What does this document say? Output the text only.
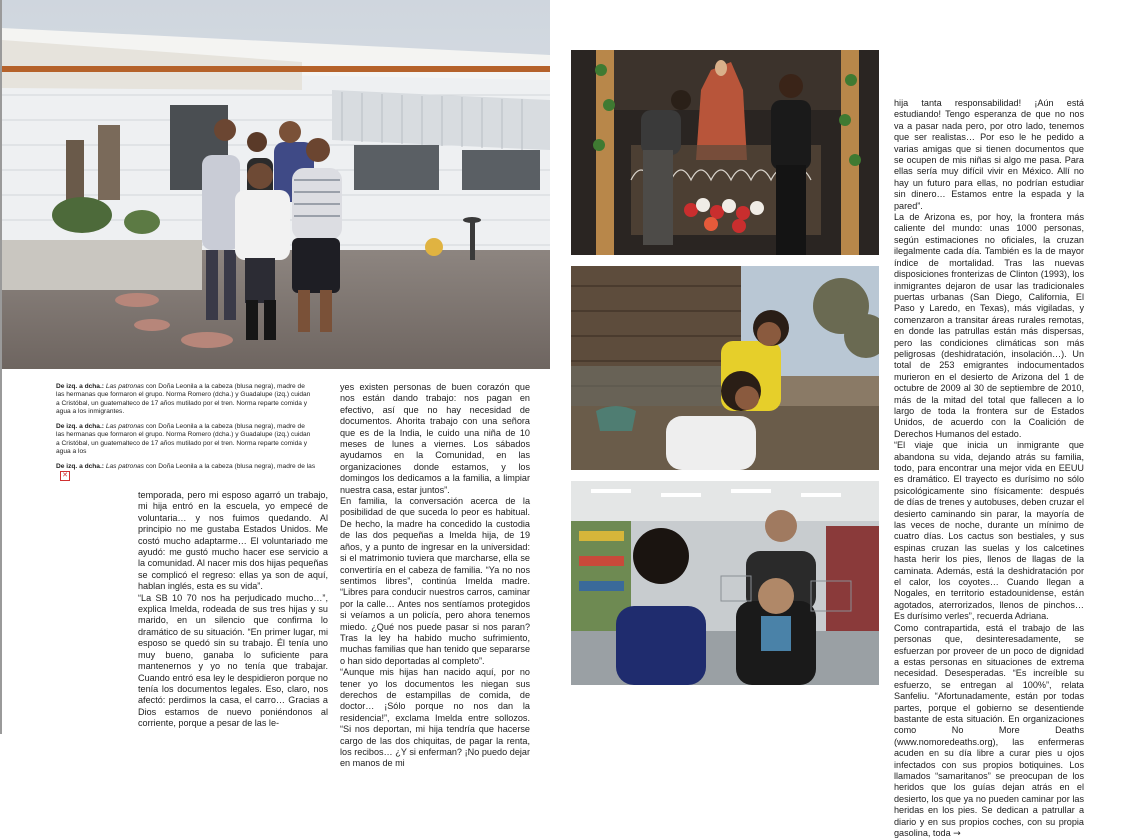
De izq. a dcha.: Las patronas con Doña Leonila a la cabeza (blusa negra), madre de las hermanas que formaron el grupo. Norma Romero (dcha.) y Guadalupe (izq.) cuidan a Cristóbal, un guatemalteco de 17 años mutilado por el tren. Norma reparte comida y agua a los inmigrantes.
De izq. a dcha.: Las patronas con Doña Leonila a la cabeza (blusa negra), madre de las hermanas que formaron el grupo. Norma Romero (dcha.) y Guadalupe (izq.) cuidan a Cristóbal, un guatemalteco de 17 años mutilado por el tren. Norma reparte comida y agua a los
De izq. a dcha.: Las patronas con Doña Leonila a la cabeza (blusa negra), madre de las✕

temporada, pero mi esposo agarró un trabajo, mi hija entró en la escuela, yo empecé de voluntaria… y nos fuimos quedando. Al principio no me gustaba Estados Unidos. Me costó mucho adaptarme… El voluntariado me ayudó: me gustó mucho hacer ese servicio a la comunidad. Al nacer mis dos hijas pequeñas se complicó el regreso: ellas ya son de aquí, hablan inglés, esta es su vida”.

“La SB 10 70 nos ha perjudicado mucho…”, explica Imelda, rodeada de sus tres hijas y su marido, en un silencio que confirma lo dramático de su situación. “En primer lugar, mi esposo se quedó sin su trabajo. Él tenía uno muy bueno, ganaba lo suficiente para mantenernos y yo no tenía que trabajar. Cuando entró esa ley le despidieron porque no tenía los documentos legales. Eso, claro, nos afectó: perdimos la casa, el carro… Gracias a Dios estamos de nuevo poniéndonos al corriente, porque a pesar de las le-

yes existen personas de buen corazón que nos están dando trabajo: nos pagan en efectivo, así que no hay necesidad de documentos. Ahorita trabajo con una señora que es de la India, le cuido una niña de 10 meses de lunes a viernes. Los sábados ayudamos en la Comunidad, en las organizaciones donde estamos, y los domingos los dedicamos a la familia, a limpiar nuestra casa, estar juntos”.

En familia, la conversación acerca de la posibilidad de que suceda lo peor es habitual. De hecho, la madre ha concedido la custodia de las dos pequeñas a Imelda hija, de 19 años, y a punto de ingresar en la universidad: si el matrimonio tuviera que marcharse, ella se convertiría en el cabeza de familia. “Ya no nos sentimos libres”, continúa Imelda madre. “Libres para conducir nuestros carros, caminar por la calle… Antes nos sentíamos protegidos si veíamos a un policía, pero ahora tenemos miedo. ¿Qué nos puede pasar si nos paran? Tras la ley ha habido mucho sufrimiento, muchas familias que han tenido que separarse o han sido deportadas al completo”.

“Aunque mis hijas han nacido aquí, por no tener yo los documentos les niegan sus derechos de estampillas de comida, de doctor… ¡Sólo porque no nos dan la residencia!”, exclama Imelda entre sollozos. “Si nos deportan, mi hija tendría que hacerse cargo de las dos chiquitas, de pagar la renta, los recibos… ¿Y si enferman? ¡No puedo dejar en manos de mi

hija tanta responsabilidad! ¡Aún está estudiando! Tengo esperanza de que no nos va a pasar nada pero, por otro lado, tenemos que ser realistas… Por eso le he pedido a varias amigas que si tienen documentos que se ocupen de mis niñas si algo me pasa. Para ellas sería muy difícil vivir en México. Allí no hay un futuro para ellas, no podrían estudiar sin dinero… Estamos entre la espada y la pared”.

La de Arizona es, por hoy, la frontera más caliente del mundo: unas 1000 personas, según estimaciones no oficiales, la cruzan ilegalmente cada día. También es la de mayor índice de mortalidad. Tras las nuevas disposiciones fronterizas de Clinton (1993), los inmigrantes dejaron de usar las tradicionales puertas urbanas (San Diego, California, El Paso y Laredo, en Texas), más vigiladas, y comenzaron a transitar áreas rurales remotas, en donde las patrullas están más dispersas, pero las condiciones climáticas son más peligrosas (deshidratación, insolación…). Un total de 253 emigrantes indocumentados murieron en el desierto de Arizona del 1 de octubre de 2009 al 30 de septiembre de 2010, más de la mitad del total que fallecen a lo largo de toda la frontera sur de Estados Unidos, de acuerdo con la Coalición de Derechos Humanos del estado.

“El viaje que inicia un inmigrante que abandona su vida, dejando atrás su familia, todo, para encontrar una mejor vida en EEUU es dramático. El trayecto es durísimo no sólo psicológicamente sino físicamente: después de días de trenes y autobuses, deben cruzar el desierto caminando sin parar, la mayoría de las veces de noche, durante un mínimo de cuatro días. Los cactus son bestiales, y sus espinas cruzan las suelas y los calcetines hasta herir los pies, llenos de llagas de la caminata. Además, está la deshidratación por el calor, los coyotes… Cuando llegan a Nogales, en territorio estadounidense, están agotados, aterrorizados, llenos de pinchos… Es durísimo verles”, recuerda Adriana.

Como contrapartida, está el trabajo de las personas que, desinteresadamente, se esfuerzan por proveer de un poco de dignidad a estas personas en situaciones de extrema necesidad. Desesperadas. “Es increíble su esfuerzo, se entregan al 100%”, relata Sanfeliu. “Afortunadamente, están por todas partes, porque el gobierno se desentiende bastante de esta situación. En organizaciones como No More Deaths (www.nomoredeaths.org), las enfermeras acuden en su día libre a curar pies u ojos infectados con sus propios botiquines. Los llamados “samaritanos” se preocupan de los heridos que los guías dejan atrás en el desierto, los que ya no pueden caminar por las heridas en los pies. Se dedican a patrullar a diario y en sus propios coches, con su propia gasolina, toda →
